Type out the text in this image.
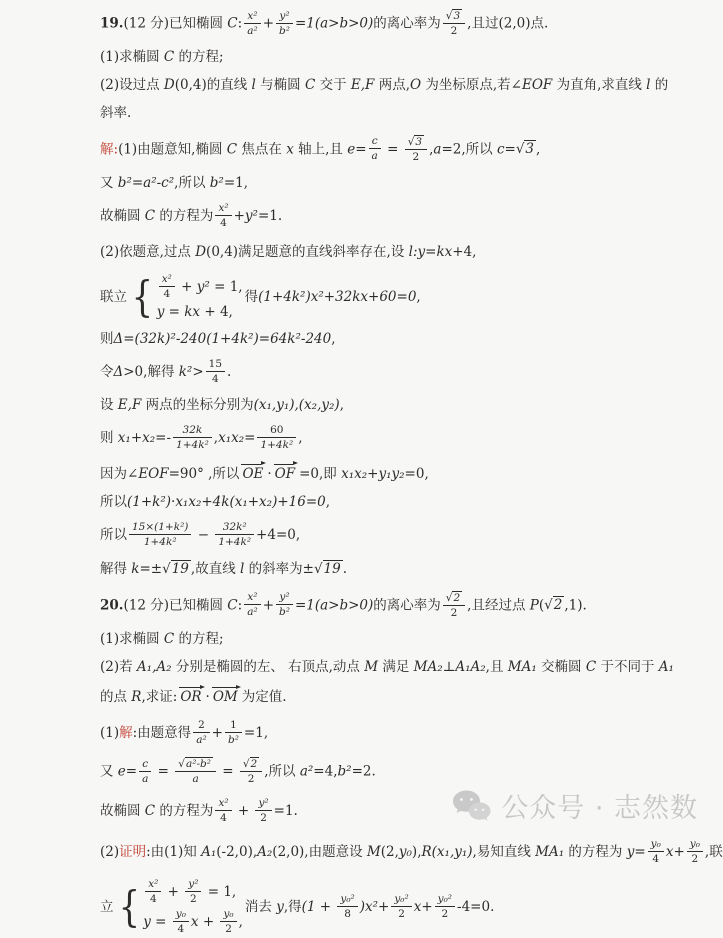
19.(12 分)已知椭圆 C: $\frac{\text{x²}}{\text{a²}} + \frac{\text{y²}}{\text{b²}} =1(a>b>0)$的离心率为 $\frac{√3}{2}$ ,且过(2,0)点.
(1)求椭圆 C 的方程;
(2)设过点 D(0,4)的直线 l 与椭圆 C 交于 E,F 两点,O 为坐标原点,若∠EOF 为直角,求直线 l 的
斜率.
解:(1)由题意知,椭圆 C 焦点在 x 轴上,且 $e= \frac{c}{a} = \frac{√3}{2} ,a=2$,所以 c=√3 ,
又 b²=a²-c²,所以 b²=1,
故椭圆 C 的方程为 $\frac{\text{x²}}{4} +y^2=1$.
(2)依题意,过点 D(0,4)满足题意的直线斜率存在,设 l:y=kx+4,
联立 { $\frac{\text{x²}}{4} + y^2 = 1$,
y = kx + 4,
得(1+4k²)x²+32kx+60=0,
则Δ=(32k)²-240(1+4k²)=64k²-240,
令Δ>0,解得 $k^2> \frac{15}{4}$ .
设 E,F 两点的坐标分别为(x₁,y₁),(x₂,y₂),
则 $x_1+x_2=- \frac{32k}{\text{1+4k²}} ,x_1x_2= \frac{60}{\text{1+4k²}}$ ,
因为∠EOF=90° ,所以 OE · OF =0,即 x₁x₂+y₁y₂=0,
所以(1+k²)·x₁x₂+4k(x₁+x₂)+16=0,
所以 $\frac{\text{15×(1+k²)}}{\text{1+4k²}} - \frac{\text{32k²}}{\text{1+4k²}} +4=0$,
解得 k=±√19 ,故直线 l 的斜率为±√19 .
20.(12 分)已知椭圆 C: $\frac{\text{x²}}{\text{a²}} + \frac{\text{y²}}{\text{b²}} =1(a>b>0)$的离心率为 $\frac{√2}{2}$ ,且经过点 P(√2 ,1).
(1)求椭圆 C 的方程;
(2)若 A₁,A₂ 分别是椭圆的左、 右顶点,动点 M 满足 MA₂⊥A₁A₂,且 MA₁ 交椭圆 C 于不同于 A₁
的点 R,求证: OR · OM 为定值.
(1)解:由题意得 $\frac{2}{\text{a²}} + \frac{1}{\text{b²}} =1$,
又 $e= \frac{c}{a} = \frac{\text{√a²-b²}}{a} = \frac{√2}{2}$ ,所以 a²=4,b²=2.
故椭圆 C 的方程为 $\frac{\text{x²}}{4} + \frac{\text{y²}}{2} =1$.
(2)证明:由(1)知 A₁(-2,0),A₂(2,0),由题意设 M(2,y₀),R(x₁,y₁),易知直线 MA₁ 的方程为 $y= \frac{\text{y₀}}{4} x+ \frac{\text{y₀}}{2}$ ,联
立 { $\frac{\text{x²}}{4} + \frac{\text{y²}}{2} = 1$,
$y = \frac{\text{y₀}}{4}$ $x + \frac{\text{y₀}}{2}$ ,
消去 y,得$(1 + \frac{\text{y₀²}}{8} )x^2+ \frac{\text{y₀²}}{2} x+ \frac{\text{y₀²}}{2} -4=0$.
公众号 · 志然数
